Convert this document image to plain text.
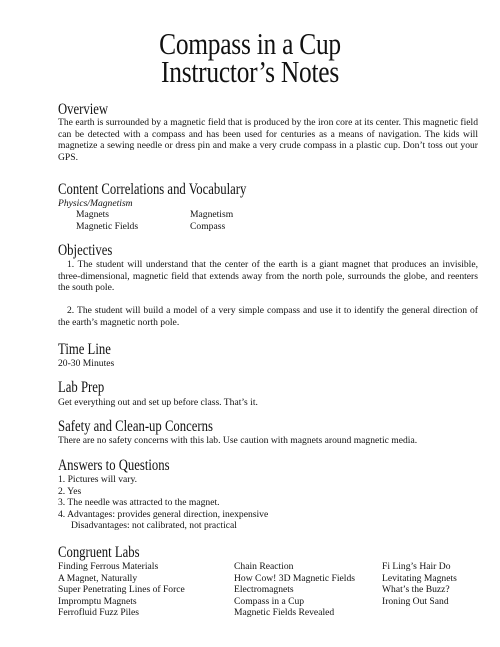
Compass in a Cup
Instructor’s Notes
Overview
The earth is surrounded by a magnetic field that is produced by the iron core at its center. This magnetic field can be detected with a compass and has been used for centuries as a means of navigation. The kids will magnetize a sewing needle or dress pin and make a very crude compass in a plastic cup. Don’t toss out your GPS.
Content Correlations and Vocabulary
Physics/Magnetism
Magnets	Magnetism
Magnetic Fields	Compass
Objectives
1. The student will understand that the center of the earth is a giant magnet that produces an invisible, three-dimensional, magnetic field that extends away from the north pole, surrounds the globe, and reenters the south pole.
2. The student will build a model of a very simple compass and use it to identify the general direction of the earth’s magnetic north pole.
Time Line
20-30 Minutes
Lab Prep
Get everything out and set up before class. That’s it.
Safety and Clean-up Concerns
There are no safety concerns with this lab. Use caution with magnets around magnetic media.
Answers to Questions
1. Pictures will vary.
2. Yes
3. The needle was attracted to the magnet.
4. Advantages: provides general direction, inexpensive
Disadvantages: not calibrated, not practical
Congruent Labs
Finding Ferrous Materials
A Magnet, Naturally
Super Penetrating Lines of Force
Impromptu Magnets
Ferrofluid Fuzz Piles
Chain Reaction
How Cow! 3D Magnetic Fields
Electromagnets
Compass in a Cup
Magnetic Fields Revealed
Fi Ling’s Hair Do
Levitating Magnets
What’s the Buzz?
Ironing Out Sand
